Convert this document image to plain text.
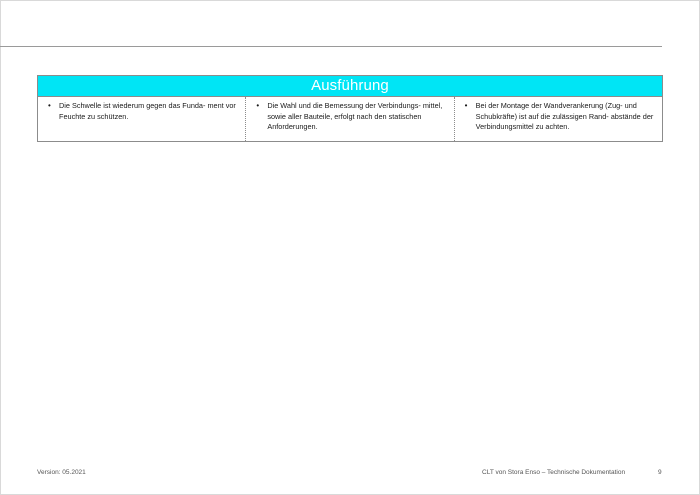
Ausführung
•	Die Schwelle ist wiederum gegen das Funda- ment vor Feuchte zu schützen.
•	Die Wahl und die Bemessung der Verbindungs- mittel, sowie aller Bauteile, erfolgt nach den statischen Anforderungen.
•	Bei der Montage der Wandverankerung (Zug- und Schubkräfte) ist auf die zulässigen Rand- abstände der Verbindungsmittel zu achten.
Version: 05.2021	CLT von Stora Enso – Technische Dokumentation	9
